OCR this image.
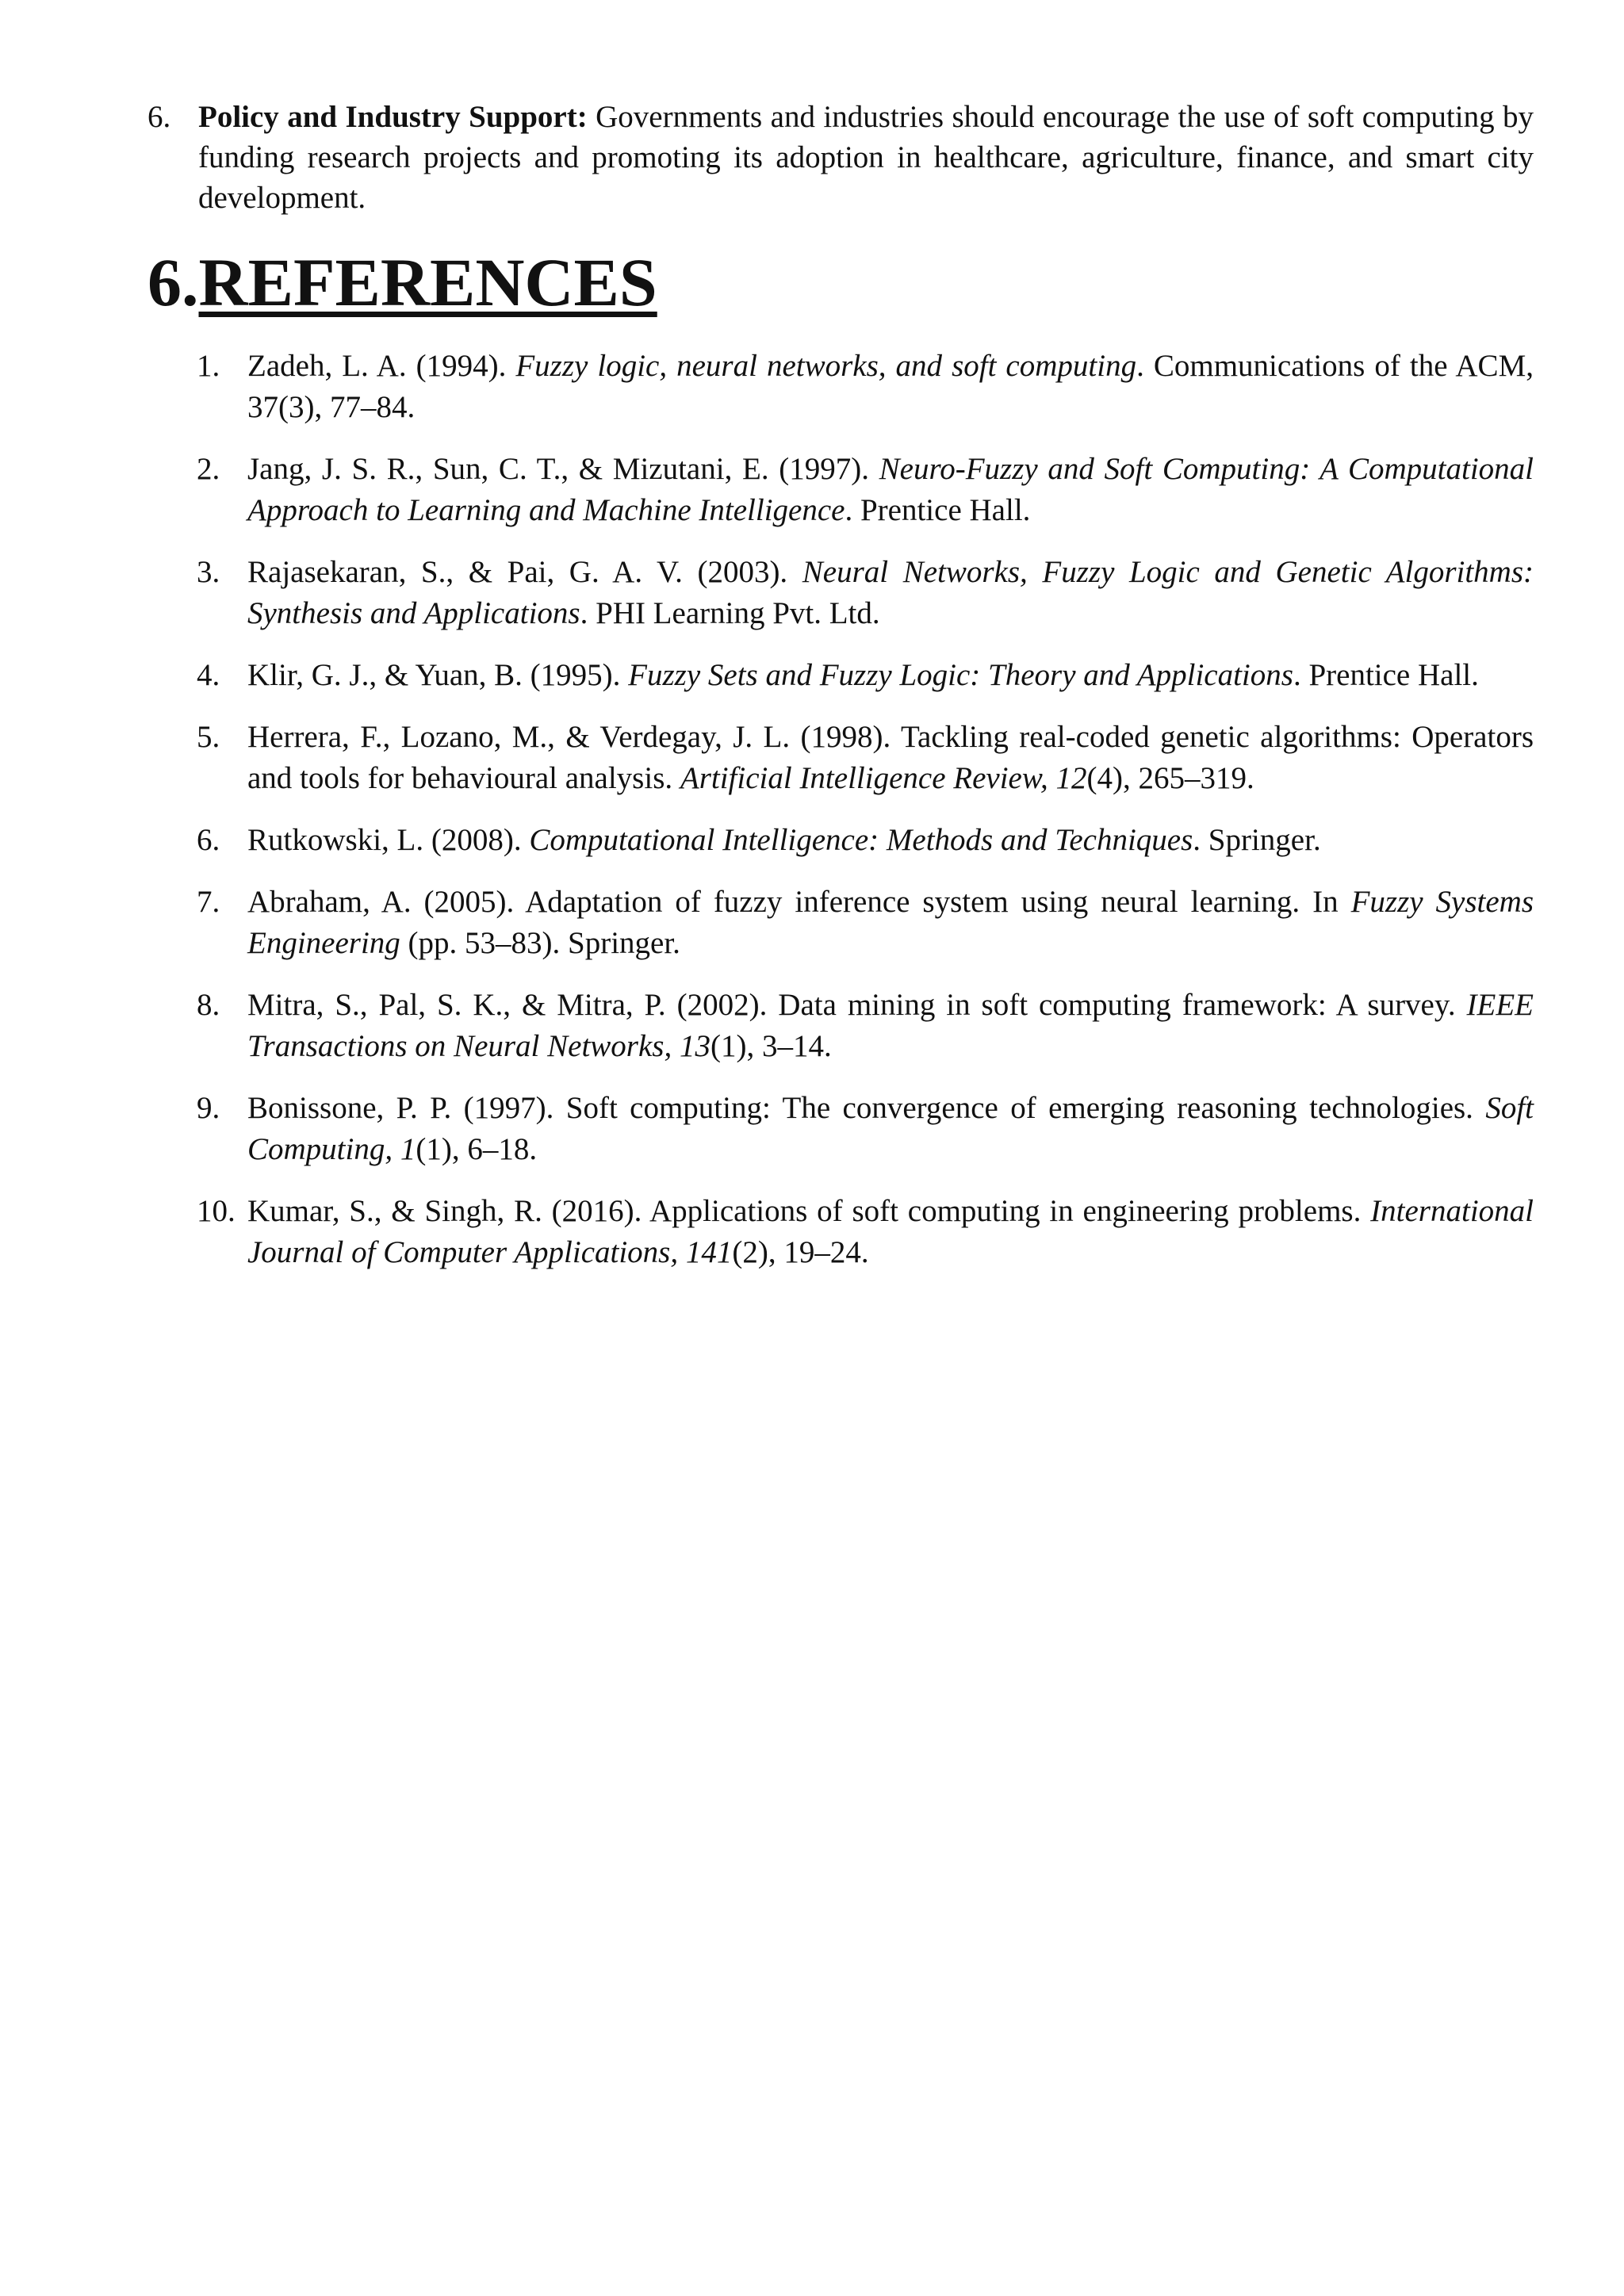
6. Policy and Industry Support: Governments and industries should encourage the use of soft computing by funding research projects and promoting its adoption in healthcare, agriculture, finance, and smart city development.
6.REFERENCES
1. Zadeh, L. A. (1994). Fuzzy logic, neural networks, and soft computing. Communications of the ACM, 37(3), 77–84.
2. Jang, J. S. R., Sun, C. T., & Mizutani, E. (1997). Neuro-Fuzzy and Soft Computing: A Computational Approach to Learning and Machine Intelligence. Prentice Hall.
3. Rajasekaran, S., & Pai, G. A. V. (2003). Neural Networks, Fuzzy Logic and Genetic Algorithms: Synthesis and Applications. PHI Learning Pvt. Ltd.
4. Klir, G. J., & Yuan, B. (1995). Fuzzy Sets and Fuzzy Logic: Theory and Applications. Prentice Hall.
5. Herrera, F., Lozano, M., & Verdegay, J. L. (1998). Tackling real-coded genetic algorithms: Operators and tools for behavioural analysis. Artificial Intelligence Review, 12(4), 265–319.
6. Rutkowski, L. (2008). Computational Intelligence: Methods and Techniques. Springer.
7. Abraham, A. (2005). Adaptation of fuzzy inference system using neural learning. In Fuzzy Systems Engineering (pp. 53–83). Springer.
8. Mitra, S., Pal, S. K., & Mitra, P. (2002). Data mining in soft computing framework: A survey. IEEE Transactions on Neural Networks, 13(1), 3–14.
9. Bonissone, P. P. (1997). Soft computing: The convergence of emerging reasoning technologies. Soft Computing, 1(1), 6–18.
10. Kumar, S., & Singh, R. (2016). Applications of soft computing in engineering problems. International Journal of Computer Applications, 141(2), 19–24.
